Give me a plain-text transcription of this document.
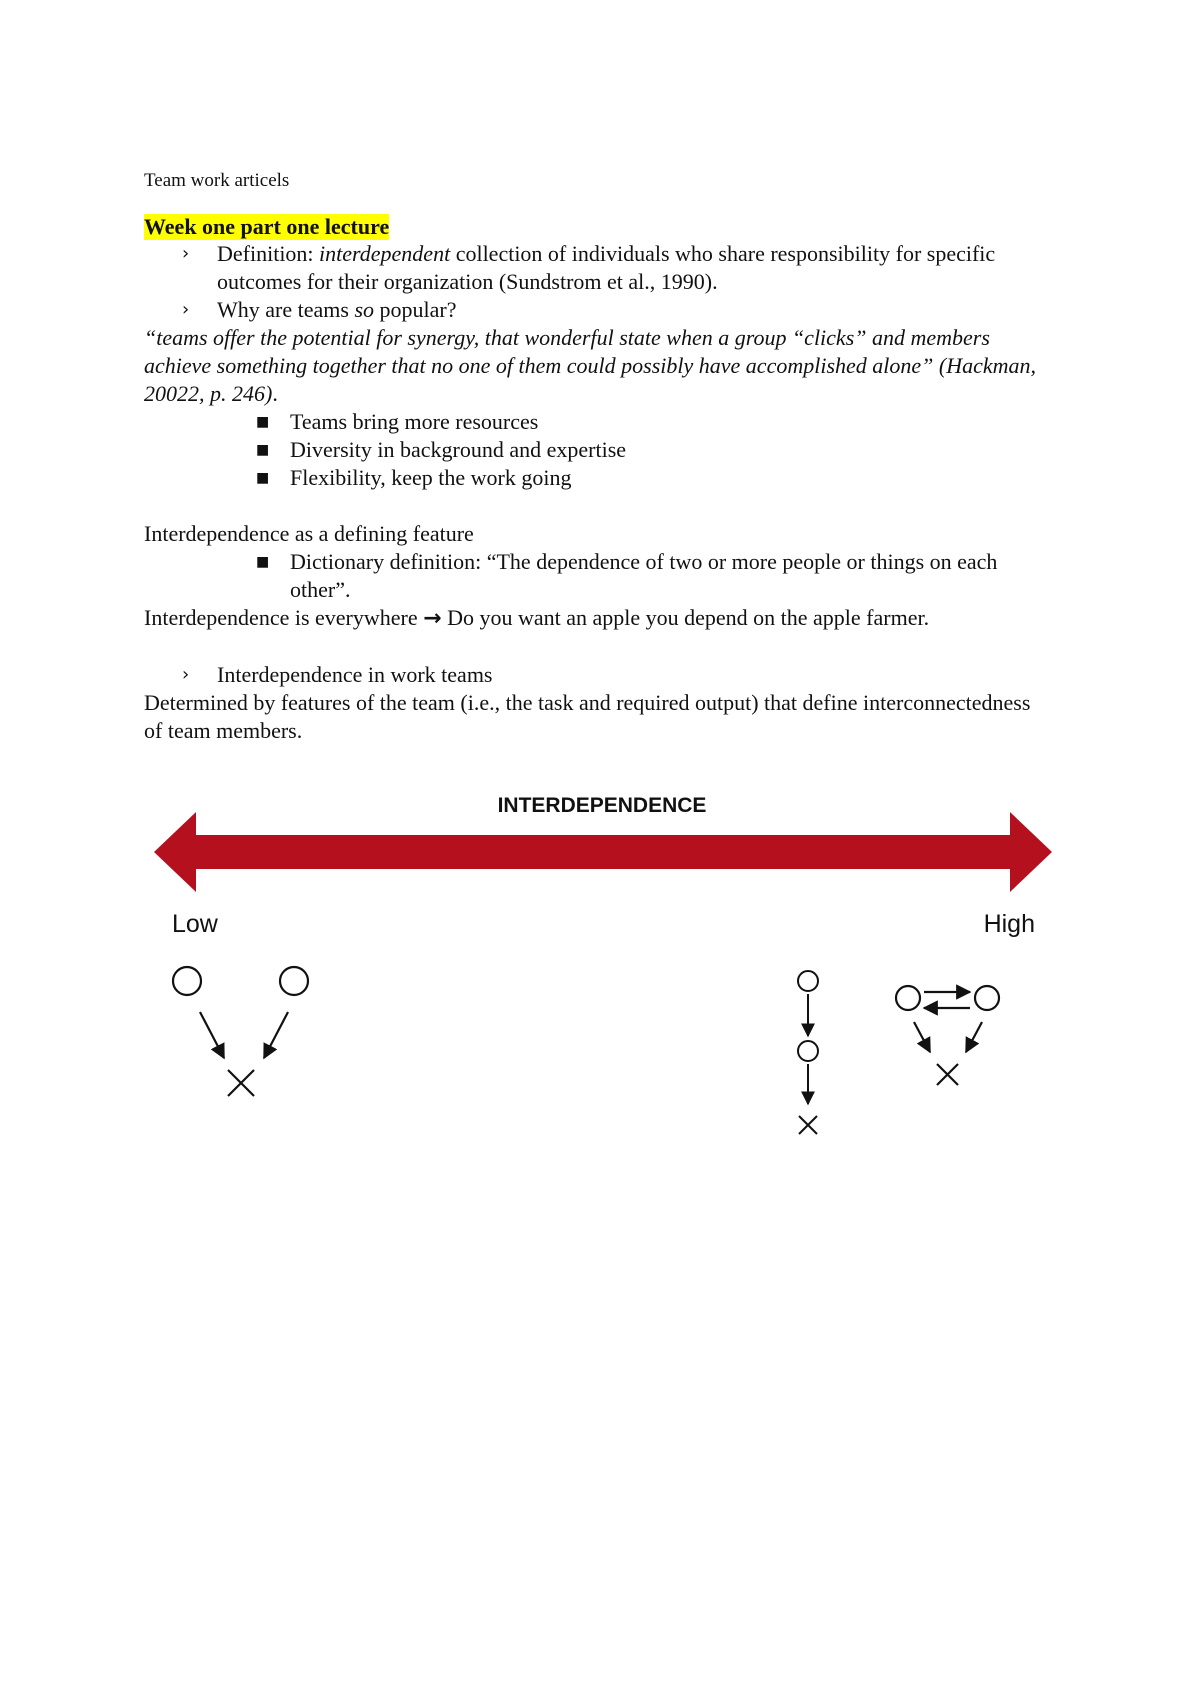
Team work articels
Week one part one lecture
› Definition: interdependent collection of individuals who share responsibility for specific outcomes for their organization (Sundstrom et al., 1990).
› Why are teams so popular?
“teams offer the potential for synergy, that wonderful state when a group “clicks” and members achieve something together that no one of them could possibly have accomplished alone” (Hackman, 20022, p. 246).
■ Teams bring more resources
■ Diversity in background and expertise
■ Flexibility, keep the work going
Interdependence as a defining feature
■ Dictionary definition: “The dependence of two or more people or things on each other”.
Interdependence is everywhere → Do you want an apple you depend on the apple farmer.
› Interdependence in work teams
Determined by features of the team (i.e., the task and required output) that define interconnectedness of team members.
INTERDEPENDENCE
Low	High
